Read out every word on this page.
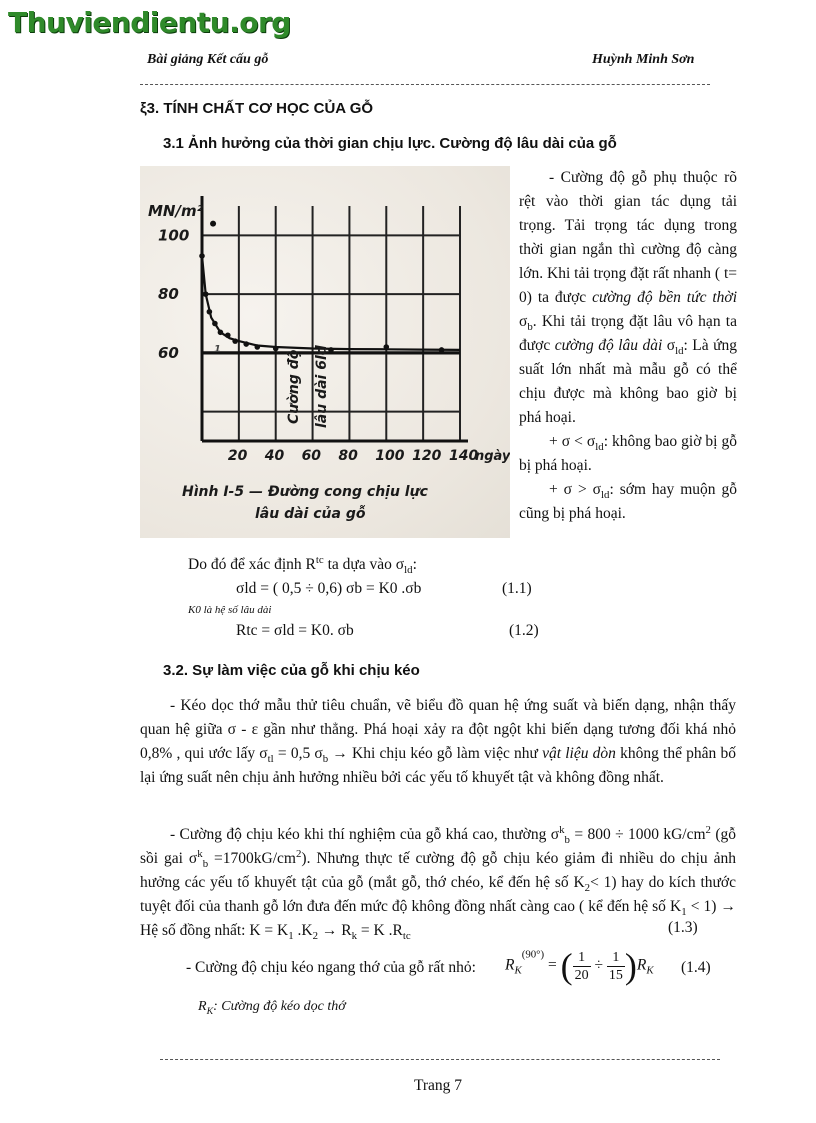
Thuviendientu.org
Bài giảng Kết cấu gỗ	Huỳnh Minh Sơn
ξ3. TÍNH CHẤT CƠ HỌC CỦA GỖ
3.1 Ảnh hưởng của thời gian chịu lực. Cường độ lâu dài của gỗ
MN/m²
100
80
60
20 40 60 80 100 120 140
ngày
Cường độ lâu dài 6ld
1
Hình I-5 — Đường cong chịu lực
lâu dài của gỗ

- Cường độ gỗ phụ thuộc rõ rệt vào thời gian tác dụng tải trọng. Tải trọng tác dụng trong thời gian ngắn thì cường độ càng lớn. Khi tải trọng đặt rất nhanh ( t= 0) ta được cường độ bền tức thời $\sigma_b$. Khi tải trọng đặt lâu vô hạn ta được cường độ lâu dài $\sigma_{ld}$: Là ứng suất lớn nhất mà mẫu gỗ có thể chịu được mà không bao giờ bị phá hoại.

+ $\sigma < \sigma_{ld}$: không bao giờ bị gỗ bị phá hoại.

+ $\sigma > \sigma_{ld}$: sớm hay muộn gỗ cũng bị phá hoại.

Do đó để xác định $R^{tc}$ ta dựa vào $\sigma_{ld}$:
σld = ( 0,5 ÷ 0,6) σb = K0 .σb	(1.1)
K0 là hệ số lâu dài
Rtc = σld = K0. σb	(1.2)
3.2. Sự làm việc của gỗ khi chịu kéo

- Kéo dọc thớ mẫu thử tiêu chuẩn, vẽ biểu đồ quan hệ ứng suất và biến dạng, nhận thấy quan hệ giữa σ - ε gần như thẳng. Phá hoại xảy ra đột ngột khi biến dạng tương đối khá nhỏ 0,8% , qui ước lấy $\sigma_{tl} = 0,5$ $\sigma_b$ → Khi chịu kéo gỗ làm việc như vật liệu dòn không thể phân bố lại ứng suất nên chịu ảnh hưởng nhiều bởi các yếu tố khuyết tật và không đồng nhất.

- Cường độ chịu kéo khi thí nghiệm của gỗ khá cao, thường $\sigma^k_b = 800 \div 1000$ $kG/cm^2$ (gỗ sồi gai $\sigma^k_b =1700kG/cm^2$). Nhưng thực tế cường độ gỗ chịu kéo giảm đi nhiều do chịu ảnh hưởng các yếu tố khuyết tật của gỗ (mắt gỗ, thớ chéo, kể đến hệ số $K_2< 1$) hay do kích thước tuyệt đối của thanh gỗ lớn đưa đến mức độ không đồng nhất càng cao ( kể đến hệ số $K_1 < 1$) → Hệ số đồng nhất: $K = K_1$ $.K_2 \to R_k = K$ $.R_{tc}$

(1.3)
- Cường độ chịu kéo ngang thớ của gỗ rất nhỏ: $R_K^{(90^\circ)}$ = ( $\frac{1}{20} \div \frac{1}{15} )R_K$ (1.4)
$R_K$: Cường độ kéo dọc thớ
Trang 7
